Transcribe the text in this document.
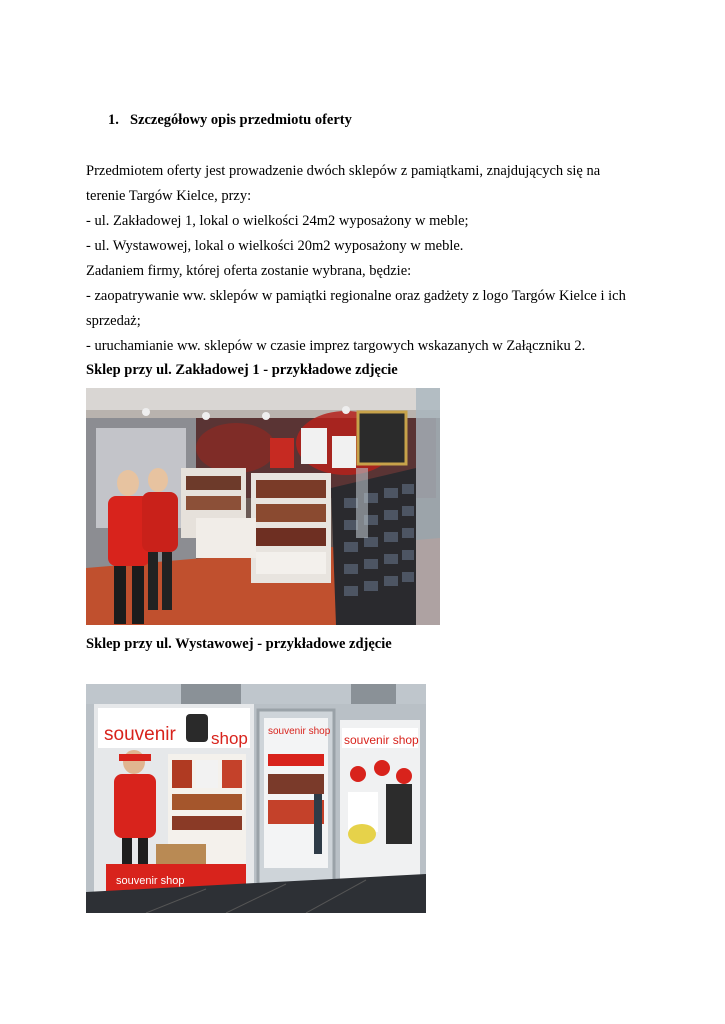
1. Szczegółowy opis przedmiotu oferty
Przedmiotem oferty jest prowadzenie dwóch sklepów z pamiątkami, znajdujących się na
terenie Targów Kielce, przy:
- ul. Zakładowej 1, lokal o wielkości 24m2 wyposażony w meble;
- ul. Wystawowej, lokal o wielkości 20m2 wyposażony w meble.
Zadaniem firmy, której oferta zostanie wybrana, będzie:
- zaopatrywanie ww. sklepów w pamiątki regionalne oraz gadżety z logo Targów Kielce i ich
sprzedaż;
- uruchamianie ww. sklepów w czasie imprez targowych wskazanych w Załączniku 2.
Sklep przy ul. Zakładowej 1 - przykładowe zdjęcie
Sklep przy ul. Wystawowej - przykładowe zdjęcie
souvenir shop
souvenir shop
souvenir shop
souvenir shop
